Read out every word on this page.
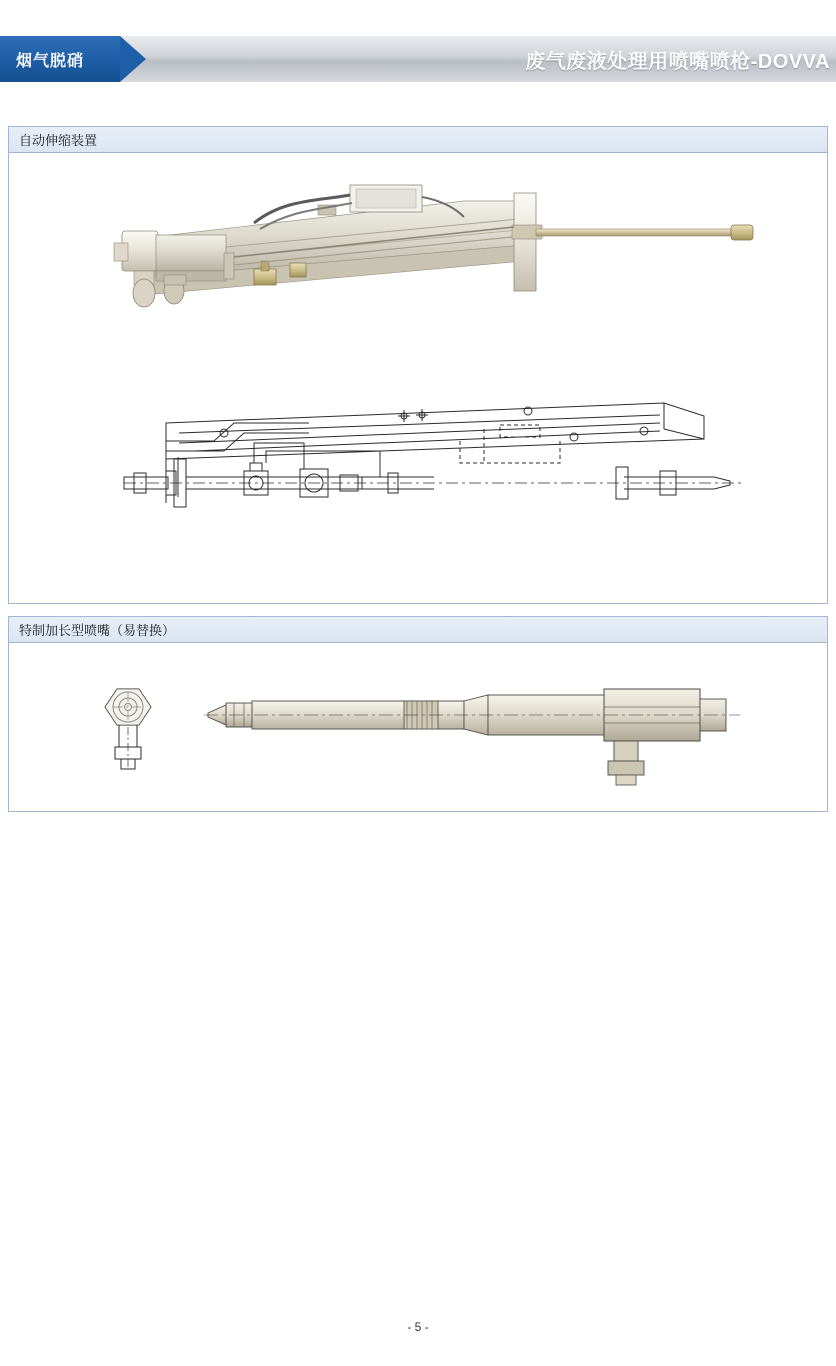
烟气脱硝	废气废液处理用喷嘴喷枪-DOVVA
自动伸缩装置
特制加长型喷嘴（易替换）
- 5 -
